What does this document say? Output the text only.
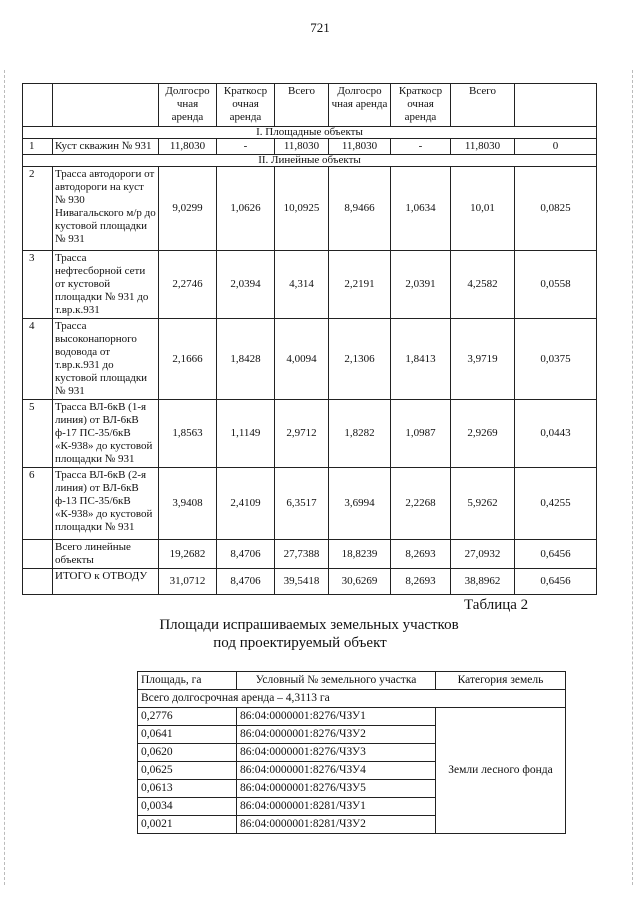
721
		Долгосро чная аренда	Краткоср очная аренда	Всего	Долгосро чная аренда	Краткоср очная аренда	Всего	
I. Площадные объекты								
1	Куст скважин № 931	11,8030	-	11,8030	11,8030	-	11,8030	0
II. Линейные объекты								
2	Трасса автодороги от автодороги на куст № 930 Нивагальского м/р до кустовой площадки № 931	9,0299	1,0626	10,0925	8,9466	1,0634	10,01	0,0825
3	Трасса нефтесборной сети от кустовой площадки № 931 до т.вр.к.931	2,2746	2,0394	4,314	2,2191	2,0391	4,2582	0,0558
4	Трасса высоконапорного водовода от т.вр.к.931 до кустовой площадки № 931	2,1666	1,8428	4,0094	2,1306	1,8413	3,9719	0,0375
5	Трасса ВЛ-6кВ (1-я линия) от ВЛ-6кВ ф-17 ПС-35/6кВ «К-938» до кустовой площадки № 931	1,8563	1,1149	2,9712	1,8282	1,0987	2,9269	0,0443
6	Трасса ВЛ-6кВ (2-я линия) от ВЛ-6кВ ф-13 ПС-35/6кВ «К-938» до кустовой площадки № 931	3,9408	2,4109	6,3517	3,6994	2,2268	5,9262	0,4255
	Всего линейные объекты	19,2682	8,4706	27,7388	18,8239	8,2693	27,0932	0,6456
	ИТОГО к ОТВОДУ	31,0712	8,4706	39,5418	30,6269	8,2693	38,8962	0,6456
Таблица 2
Площади испрашиваемых земельных участков
под проектируемый объект
Площадь, га	Условный № земельного участка	Категория земель
Всего долгосрочная аренда – 4,3113 га		
0,2776	86:04:0000001:8276/ЧЗУ1	Земли лесного фонда
0,0641	86:04:0000001:8276/ЧЗУ2	
0,0620	86:04:0000001:8276/ЧЗУ3	
0,0625	86:04:0000001:8276/ЧЗУ4	
0,0613	86:04:0000001:8276/ЧЗУ5	
0,0034	86:04:0000001:8281/ЧЗУ1	
0,0021	86:04:0000001:8281/ЧЗУ2	
